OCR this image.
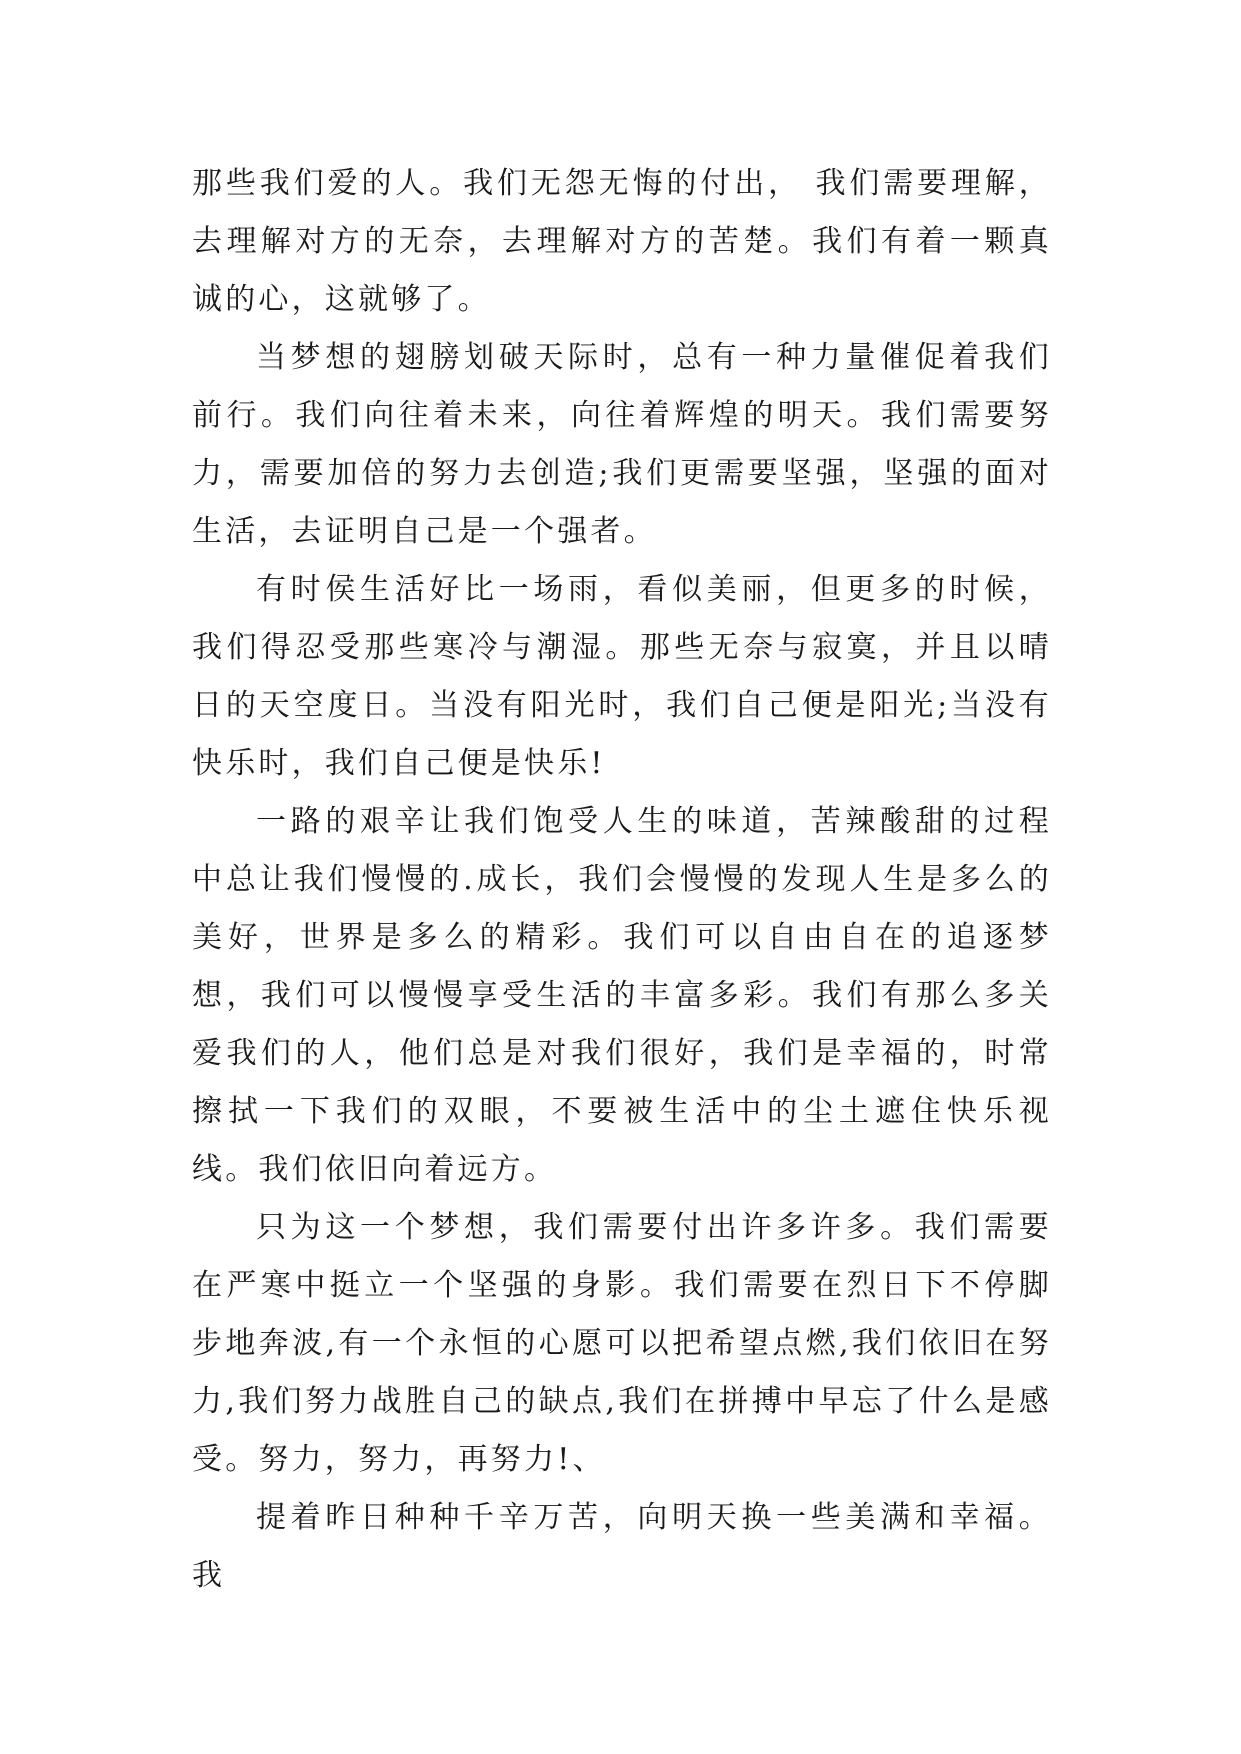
那些我们爱的人。我们无怨无悔的付出， 我们需要理解，去理解对方的无奈，去理解对方的苦楚。我们有着一颗真诚的心，这就够了。

当梦想的翅膀划破天际时，总有一种力量催促着我们前行。我们向往着未来，向往着辉煌的明天。我们需要努力，需要加倍的努力去创造;我们更需要坚强，坚强的面对生活，去证明自己是一个强者。

有时侯生活好比一场雨，看似美丽，但更多的时候，我们得忍受那些寒冷与潮湿。那些无奈与寂寞，并且以晴日的天空度日。当没有阳光时，我们自己便是阳光;当没有快乐时，我们自己便是快乐!

一路的艰辛让我们饱受人生的味道，苦辣酸甜的过程中总让我们慢慢的.成长，我们会慢慢的发现人生是多么的美好，世界是多么的精彩。我们可以自由自在的追逐梦想，我们可以慢慢享受生活的丰富多彩。我们有那么多关爱我们的人，他们总是对我们很好，我们是幸福的，时常擦拭一下我们的双眼，不要被生活中的尘土遮住快乐视线。我们依旧向着远方。

只为这一个梦想，我们需要付出许多许多。我们需要在严寒中挺立一个坚强的身影。我们需要在烈日下不停脚步地奔波,有一个永恒的心愿可以把希望点燃,我们依旧在努力,我们努力战胜自己的缺点,我们在拼搏中早忘了什么是感受。努力，努力，再努力!、

提着昨日种种千辛万苦，向明天换一些美满和幸福。我
